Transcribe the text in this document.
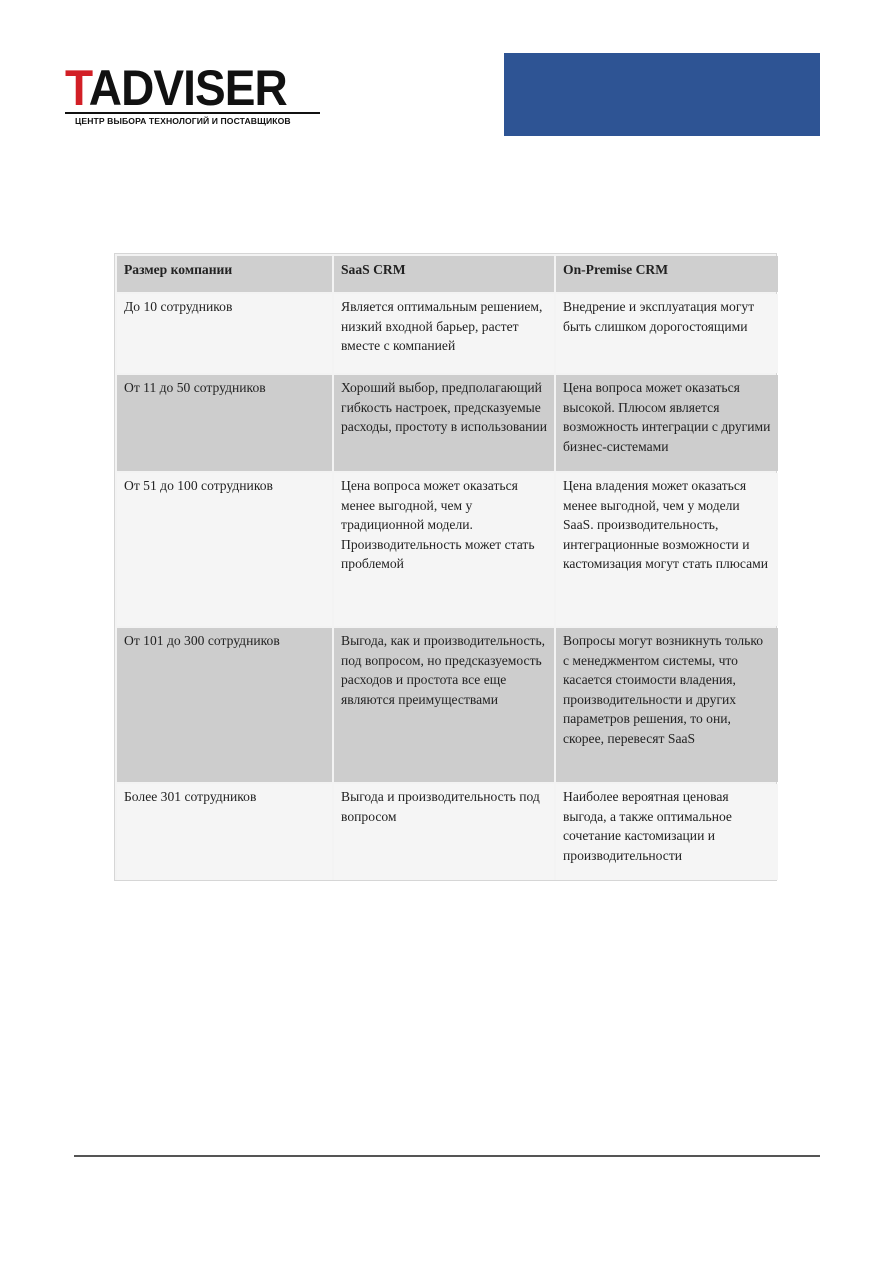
TADVISER
ЦЕНТР ВЫБОРА ТЕХНОЛОГИЙ И ПОСТАВЩИКОВ
Размер компании	SaaS CRM	On-Premise CRM
До 10 сотрудников	Является оптимальным решением, низкий входной барьер, растет вместе с компанией	Внедрение и эксплуатация могут быть слишком дорогостоящими
От 11 до 50 сотрудников	Хороший выбор, предполагающий гибкость настроек, предсказуемые расходы, простоту в использовании	Цена вопроса может оказаться высокой. Плюсом является возможность интеграции с другими бизнес-системами
От 51 до 100 сотрудников	Цена вопроса может оказаться менее выгодной, чем у традиционной модели. Производительность может стать проблемой	Цена владения может оказаться менее выгодной, чем у модели SaaS. производительность, интеграционные возможности и кастомизация могут стать плюсами
От 101 до 300 сотрудников	Выгода, как и производительность, под вопросом, но предсказуемость расходов и простота все еще являются преимуществами	Вопросы могут возникнуть только с менеджментом системы, что касается стоимости владения, производительности и других параметров решения, то они, скорее, перевесят SaaS
Более 301 сотрудников	Выгода и производительность под вопросом	Наиболее вероятная ценовая выгода, а также оптимальное сочетание кастомизации и производительности
